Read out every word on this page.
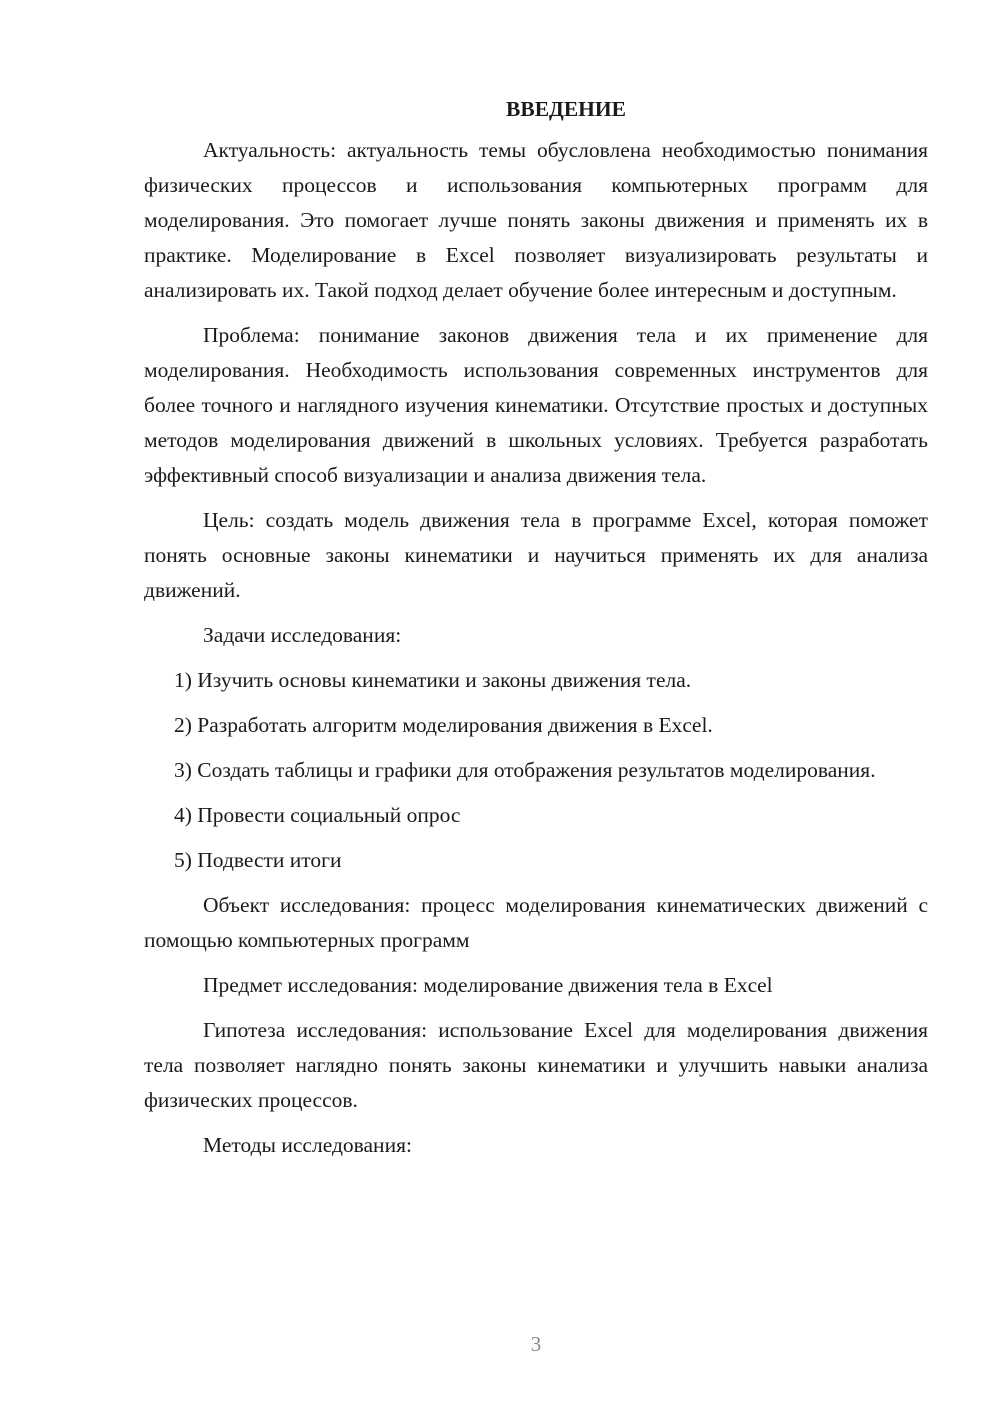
ВВЕДЕНИЕ

Актуальность: актуальность темы обусловлена необходимостью понимания физических процессов и использования компьютерных программ для моделирования. Это помогает лучше понять законы движения и применять их в практике. Моделирование в Excel позволяет визуализировать результаты и анализировать их. Такой подход делает обучение более интересным и доступным.

Проблема: понимание законов движения тела и их применение для моделирования. Необходимость использования современных инструментов для более точного и наглядного изучения кинематики. Отсутствие простых и доступных методов моделирования движений в школьных условиях. Требуется разработать эффективный способ визуализации и анализа движения тела.

Цель: создать модель движения тела в программе Excel, которая поможет понять основные законы кинематики и научиться применять их для анализа движений.

Задачи исследования:

1) Изучить основы кинематики и законы движения тела.

2) Разработать алгоритм моделирования движения в Excel.

3) Создать таблицы и графики для отображения результатов моделирования.

4) Провести социальный опрос

5) Подвести итоги

Объект исследования: процесс моделирования кинематических движений с помощью компьютерных программ

Предмет исследования: моделирование движения тела в Excel

Гипотеза исследования: использование Excel для моделирования движения тела позволяет наглядно понять законы кинематики и улучшить навыки анализа физических процессов.

Методы исследования:

3
